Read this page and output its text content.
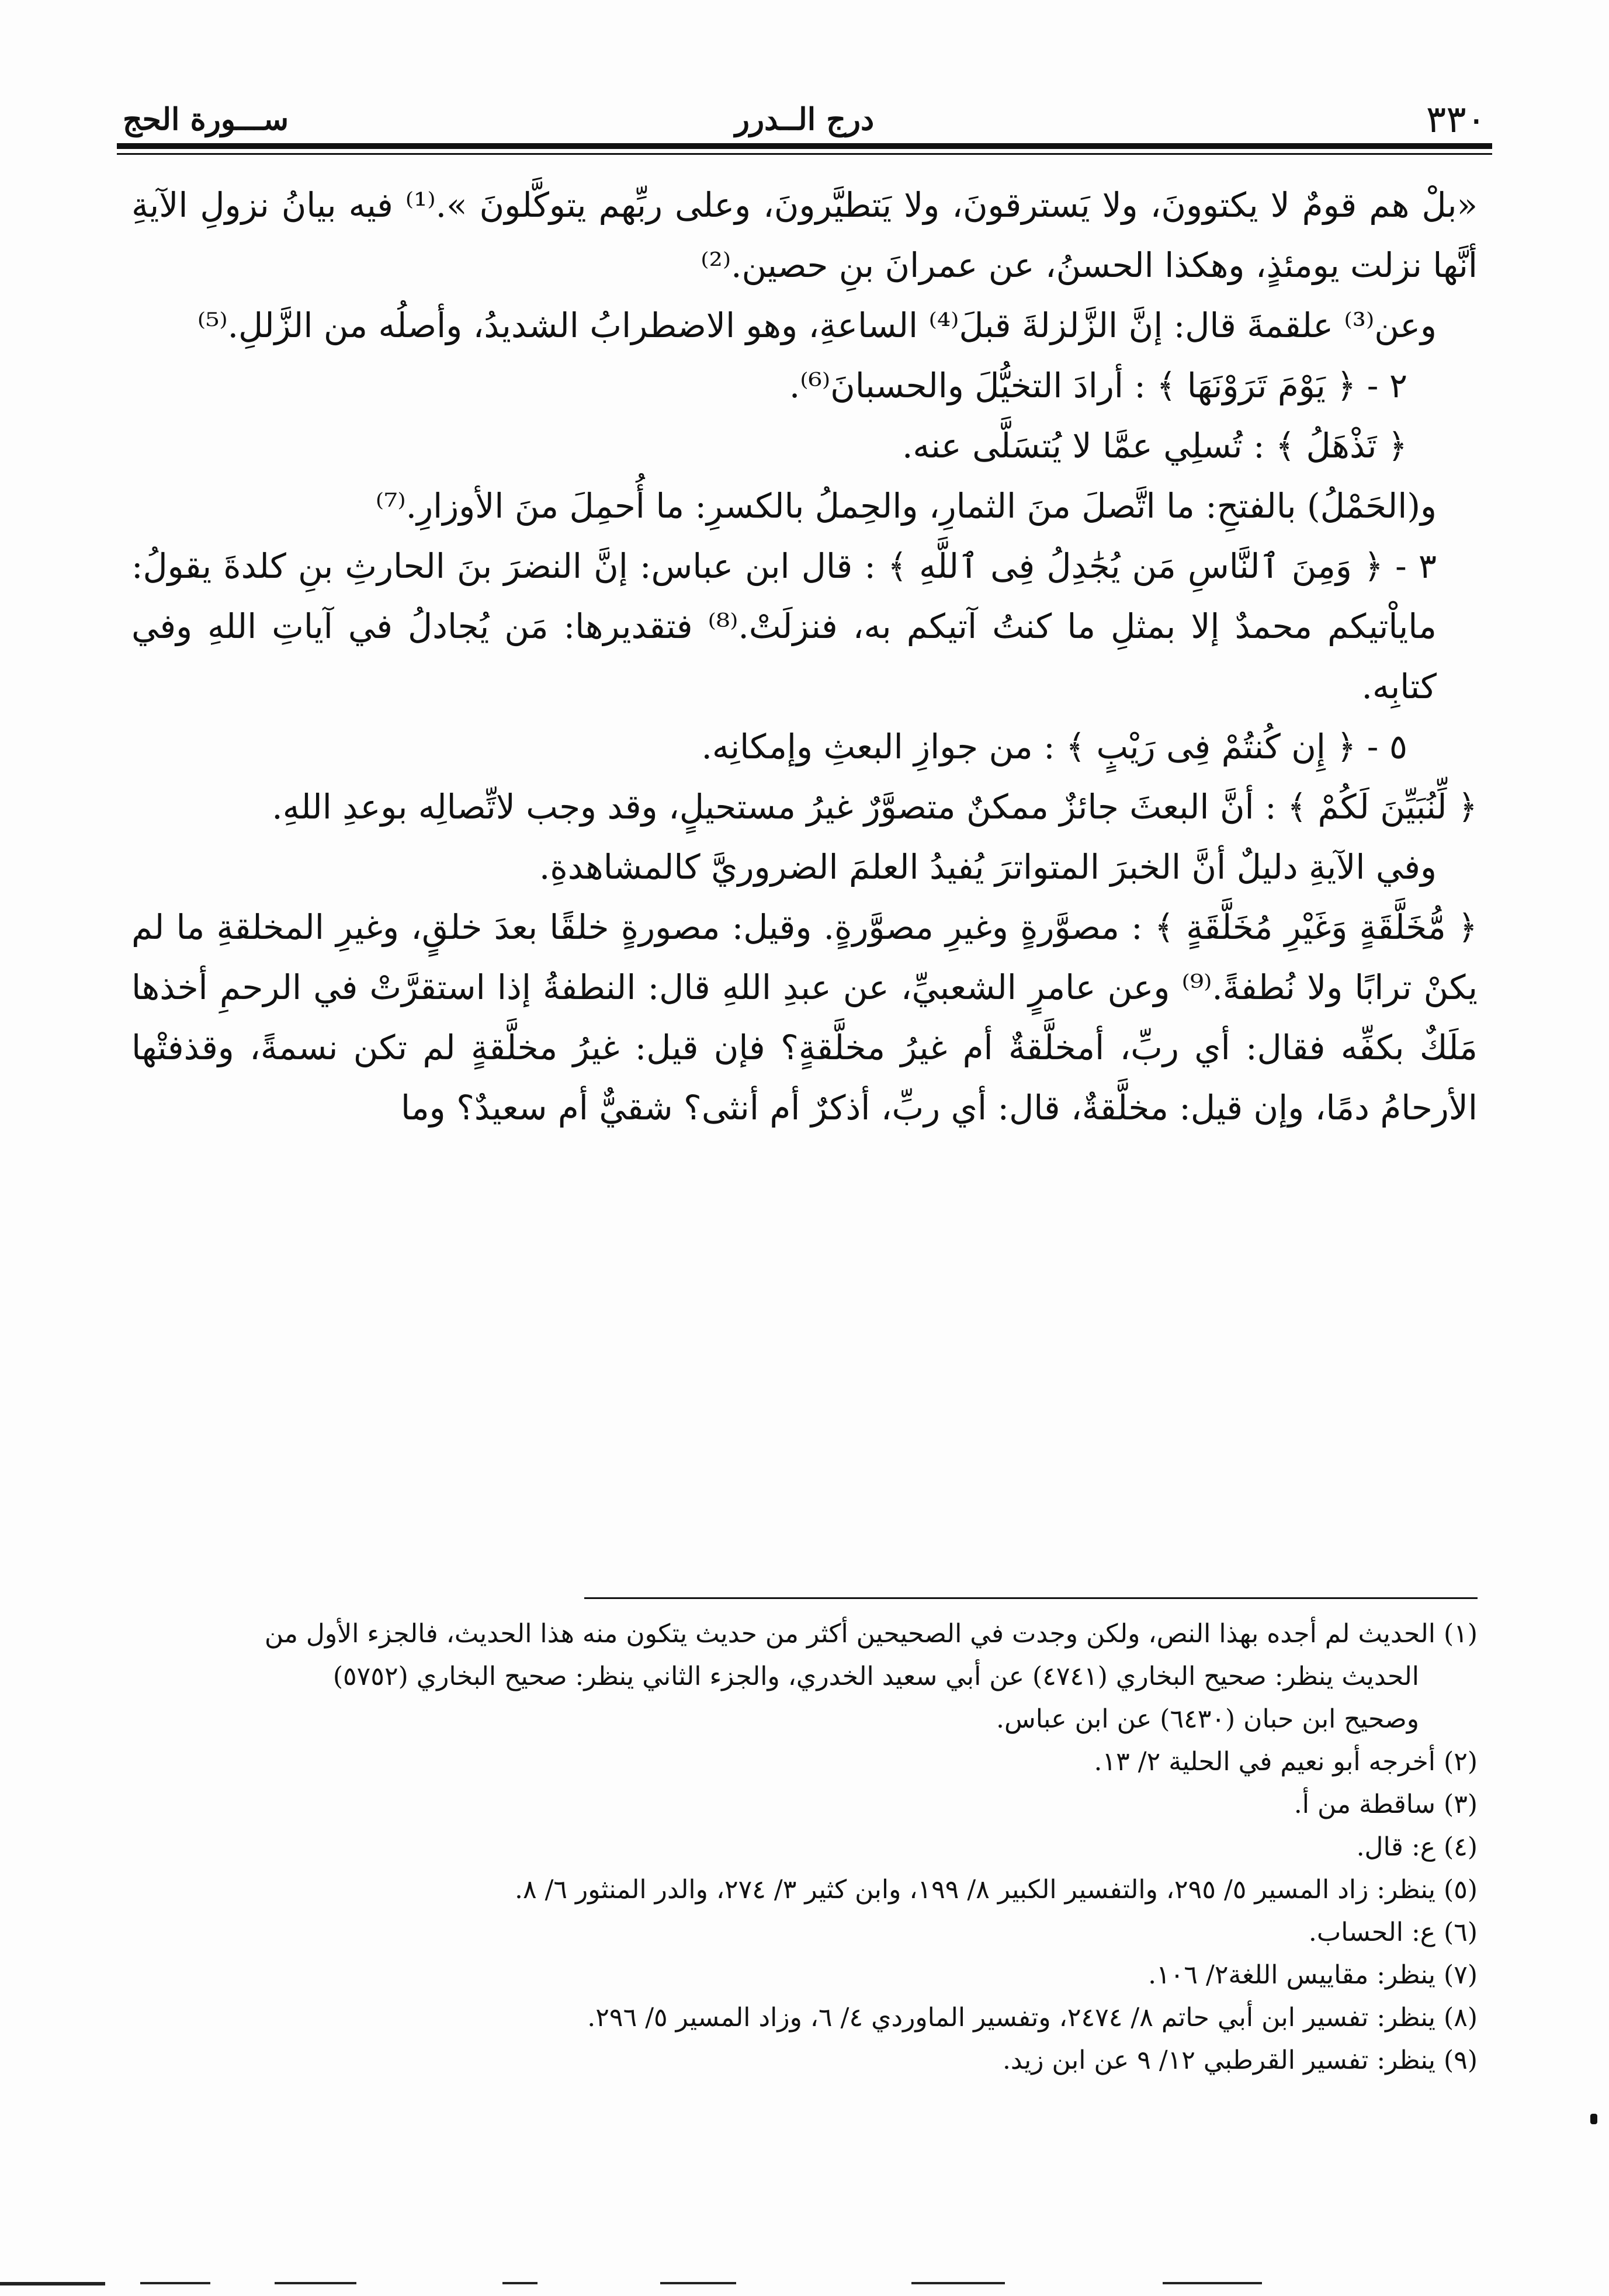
٣٣٠
درج الــدرر
ســـورة الحج

«بلْ هم قومٌ لا يكتوونَ، ولا يَسترقونَ، ولا يَتطيَّرونَ، وعلى ربِّهم يتوكَّلونَ ».⁽¹⁾ فيه بيانُ نزولِ الآيةِ أنَّها نزلت يومئذٍ، وهكذا الحسنُ، عن عمرانَ بنِ حصين.⁽²⁾

وعن⁽³⁾ علقمةَ قال: إنَّ الزَّلزلةَ قبلَ⁽⁴⁾ الساعةِ، وهو الاضطرابُ الشديدُ، وأصلُه من الزَّللِ.⁽⁵⁾

٢ - ﴿ يَوْمَ تَرَوْنَهَا ﴾ : أرادَ التخيُّلَ والحسبانَ⁽⁶⁾.

﴿ تَذْهَلُ ﴾ : تُسلِي عمَّا لا يُتسَلَّى عنه.

و(الحَمْلُ) بالفتحِ: ما اتَّصلَ منَ الثمارِ، والحِملُ بالكسرِ: ما أُحمِلَ منَ الأوزارِ.⁽⁷⁾

٣ - ﴿ وَمِنَ ٱلنَّاسِ مَن يُجَٰدِلُ فِى ٱللَّهِ ﴾ : قال ابن عباس: إنَّ النضرَ بنَ الحارثِ بنِ كلدةَ يقولُ: ماياْتيكم محمدٌ إلا بمثلِ ما كنتُ آتيكم به، فنزلَتْ.⁽⁸⁾ فتقديرها: مَن يُجادلُ في آياتِ اللهِ وفي كتابِه.

٥ - ﴿ إِن كُنتُمْ فِى رَيْبٍ ﴾ : من جوازِ البعثِ وإمكانِه.

﴿ لِّنُبَيِّنَ لَكُمْ ﴾ : أنَّ البعثَ جائزٌ ممكنٌ متصوَّرٌ غيرُ مستحيلٍ، وقد وجب لاتِّصالِه بوعدِ اللهِ.

وفي الآيةِ دليلٌ أنَّ الخبرَ المتواترَ يُفيدُ العلمَ الضروريَّ كالمشاهدةِ.

﴿ مُّخَلَّقَةٍ وَغَيْرِ مُخَلَّقَةٍ ﴾ : مصوَّرةٍ وغيرِ مصوَّرةٍ. وقيل: مصورةٍ خلقًا بعدَ خلقٍ، وغيرِ المخلقةِ ما لم يكنْ ترابًا ولا نُطفةً.⁽⁹⁾ وعن عامرٍ الشعبيِّ، عن عبدِ اللهِ قال: النطفةُ إذا استقرَّتْ في الرحمِ أخذها مَلَكٌ بكفِّه فقال: أي ربِّ، أمخلَّقةٌ أم غيرُ مخلَّقةٍ؟ فإن قيل: غيرُ مخلَّقةٍ لم تكن نسمةً، وقذفتْها الأرحامُ دمًا، وإن قيل: مخلَّقةٌ، قال: أي ربِّ، أذكرٌ أم أنثى؟ شقيٌّ أم سعيدٌ؟ وما

(١) الحديث لم أجده بهذا النص، ولكن وجدت في الصحيحين أكثر من حديث يتكون منه هذا الحديث، فالجزء الأول من

الحديث ينظر: صحيح البخاري (٤٧٤١) عن أبي سعيد الخدري، والجزء الثاني ينظر: صحيح البخاري (٥٧٥٢)

وصحيح ابن حبان (٦٤٣٠) عن ابن عباس.

(٢) أخرجه أبو نعيم في الحلية ٢/ ١٣.

(٣) ساقطة من أ.

(٤) ع: قال.

(٥) ينظر: زاد المسير ٥/ ٢٩٥، والتفسير الكبير ٨/ ١٩٩، وابن كثير ٣/ ٢٧٤، والدر المنثور ٦/ ٨.

(٦) ع: الحساب.

(٧) ينظر: مقاييس اللغة٢/ ١٠٦.

(٨) ينظر: تفسير ابن أبي حاتم ٨/ ٢٤٧٤، وتفسير الماوردي ٤/ ٦، وزاد المسير ٥/ ٢٩٦.

(٩) ينظر: تفسير القرطبي ١٢/ ٩ عن ابن زيد.
